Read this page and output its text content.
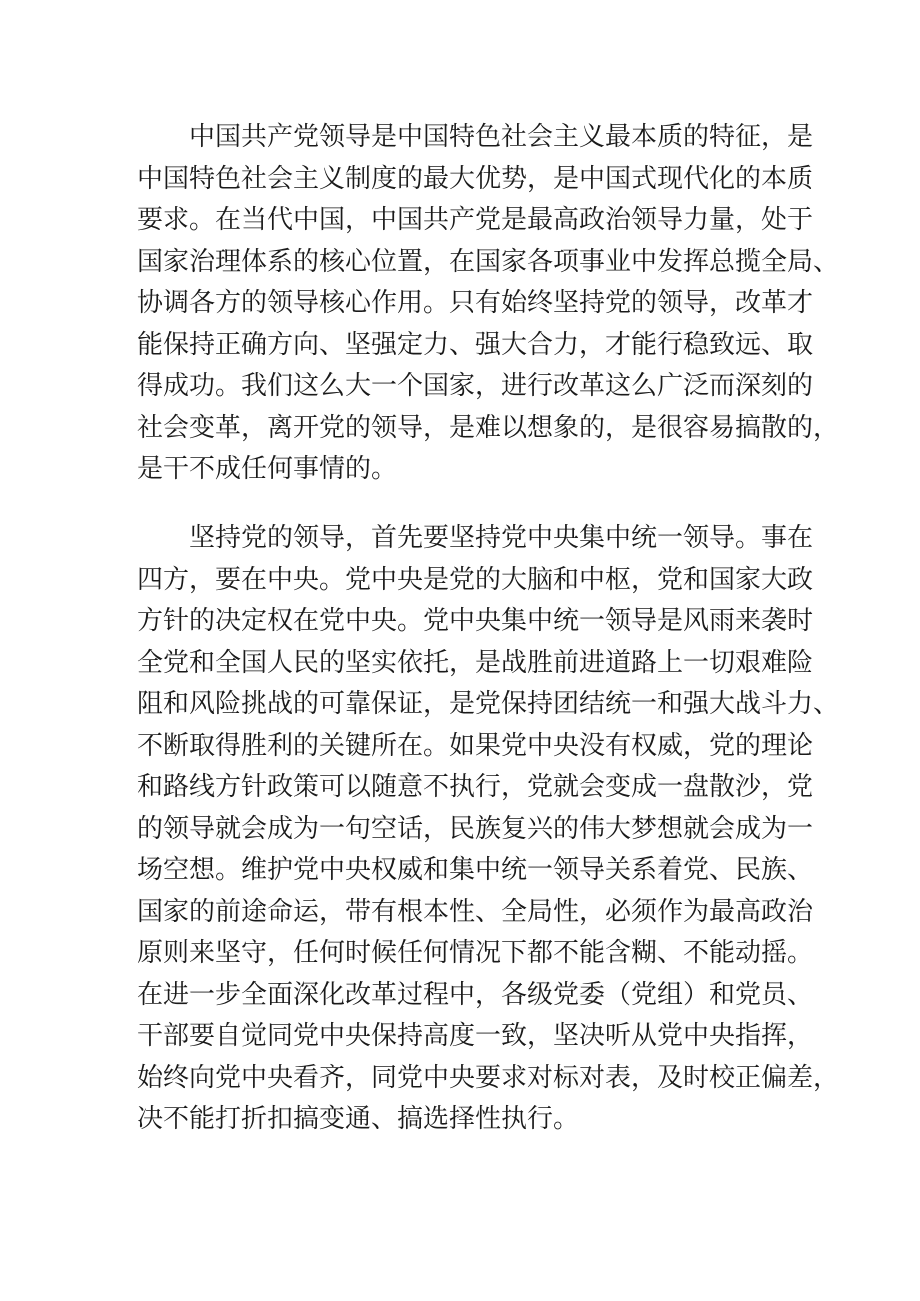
中国共产党领导是中国特色社会主义最本质的特征，是
中国特色社会主义制度的最大优势，是中国式现代化的本质
要求。在当代中国，中国共产党是最高政治领导力量，处于
国家治理体系的核心位置，在国家各项事业中发挥总揽全局、
协调各方的领导核心作用。只有始终坚持党的领导，改革才
能保持正确方向、坚强定力、强大合力，才能行稳致远、取
得成功。我们这么大一个国家，进行改革这么广泛而深刻的
社会变革，离开党的领导，是难以想象的，是很容易搞散的，
是干不成任何事情的。
坚持党的领导，首先要坚持党中央集中统一领导。事在
四方，要在中央。党中央是党的大脑和中枢，党和国家大政
方针的决定权在党中央。党中央集中统一领导是风雨来袭时
全党和全国人民的坚实依托，是战胜前进道路上一切艰难险
阻和风险挑战的可靠保证，是党保持团结统一和强大战斗力、
不断取得胜利的关键所在。如果党中央没有权威，党的理论
和路线方针政策可以随意不执行，党就会变成一盘散沙，党
的领导就会成为一句空话，民族复兴的伟大梦想就会成为一
场空想。维护党中央权威和集中统一领导关系着党、民族、
国家的前途命运，带有根本性、全局性，必须作为最高政治
原则来坚守，任何时候任何情况下都不能含糊、不能动摇。
在进一步全面深化改革过程中，各级党委（党组）和党员、
干部要自觉同党中央保持高度一致，坚决听从党中央指挥，
始终向党中央看齐，同党中央要求对标对表，及时校正偏差，
决不能打折扣搞变通、搞选择性执行。
